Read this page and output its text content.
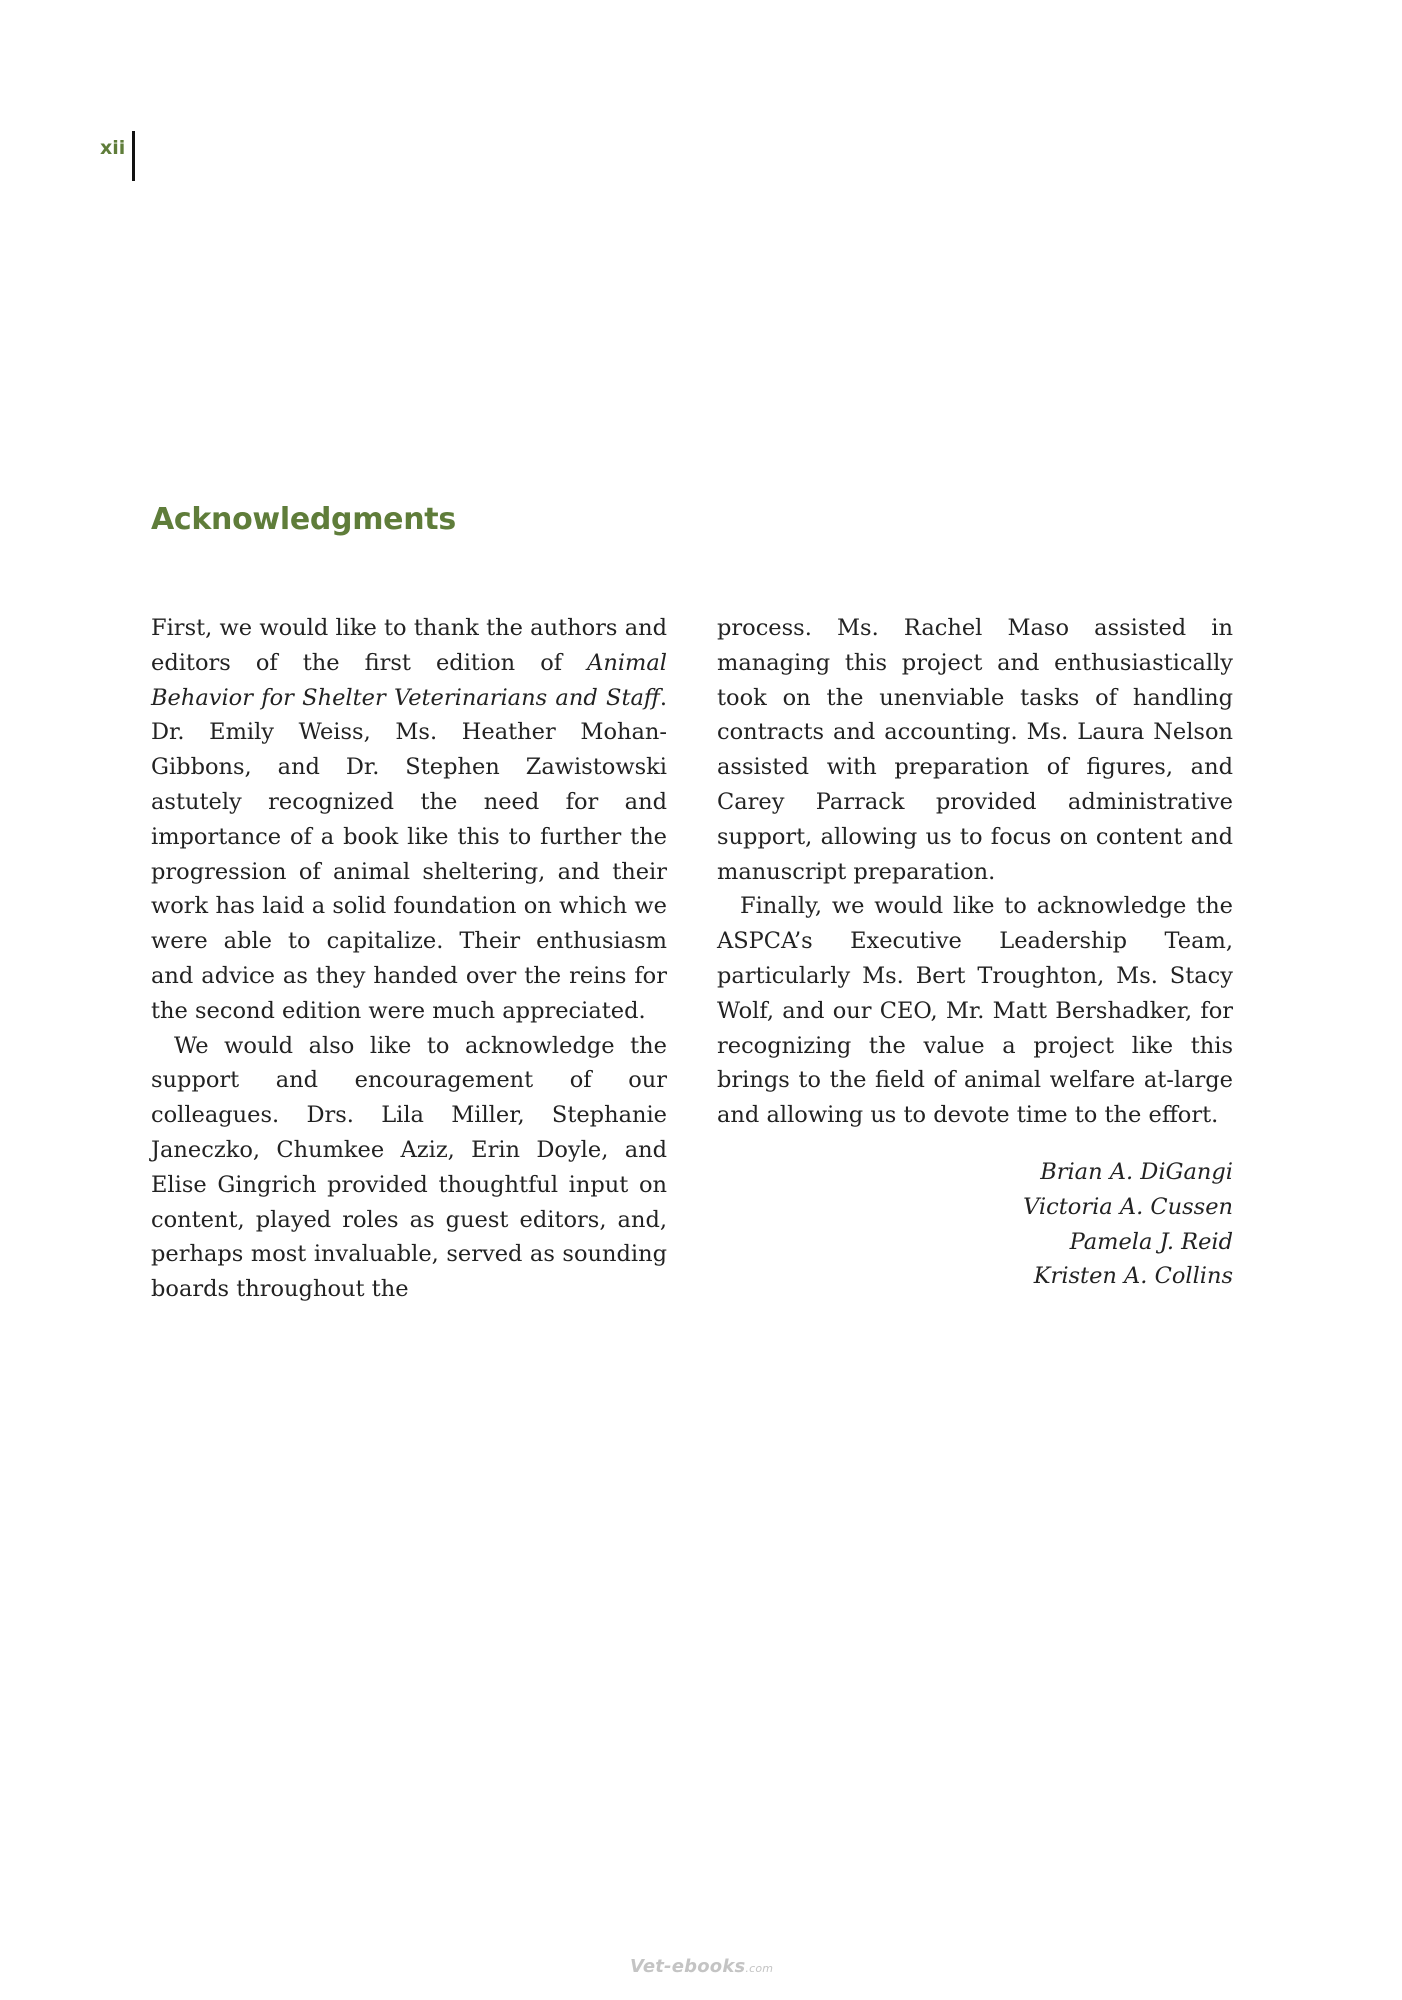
xii
Acknowledgments

First, we would like to thank the authors and editors of the first edition of Animal Behavior for Shelter Veterinarians and Staff. Dr. Emily Weiss, Ms. Heather Mohan-Gibbons, and Dr. Stephen Zawistowski astutely recognized the need for and importance of a book like this to further the progression of animal sheltering, and their work has laid a solid foundation on which we were able to capitalize. Their enthusiasm and advice as they handed over the reins for the second edition were much appreciated.

We would also like to acknowledge the support and encouragement of our colleagues. Drs. Lila Miller, Stephanie Janeczko, Chumkee Aziz, Erin Doyle, and Elise Gingrich provided thoughtful input on content, played roles as guest editors, and, perhaps most invaluable, served as sounding boards throughout the

process. Ms. Rachel Maso assisted in managing this project and enthusiastically took on the unenviable tasks of handling contracts and accounting. Ms. Laura Nelson assisted with preparation of figures, and Carey Parrack provided administrative support, allowing us to focus on content and manuscript preparation.

Finally, we would like to acknowledge the ASPCA’s Executive Leadership Team, particularly Ms. Bert Troughton, Ms. Stacy Wolf, and our CEO, Mr. Matt Bershadker, for recognizing the value a project like this brings to the field of animal welfare at-large and allowing us to devote time to the effort.

Brian A. DiGangi
Victoria A. Cussen
Pamela J. Reid
Kristen A. Collins
Vet-ebooks.com
